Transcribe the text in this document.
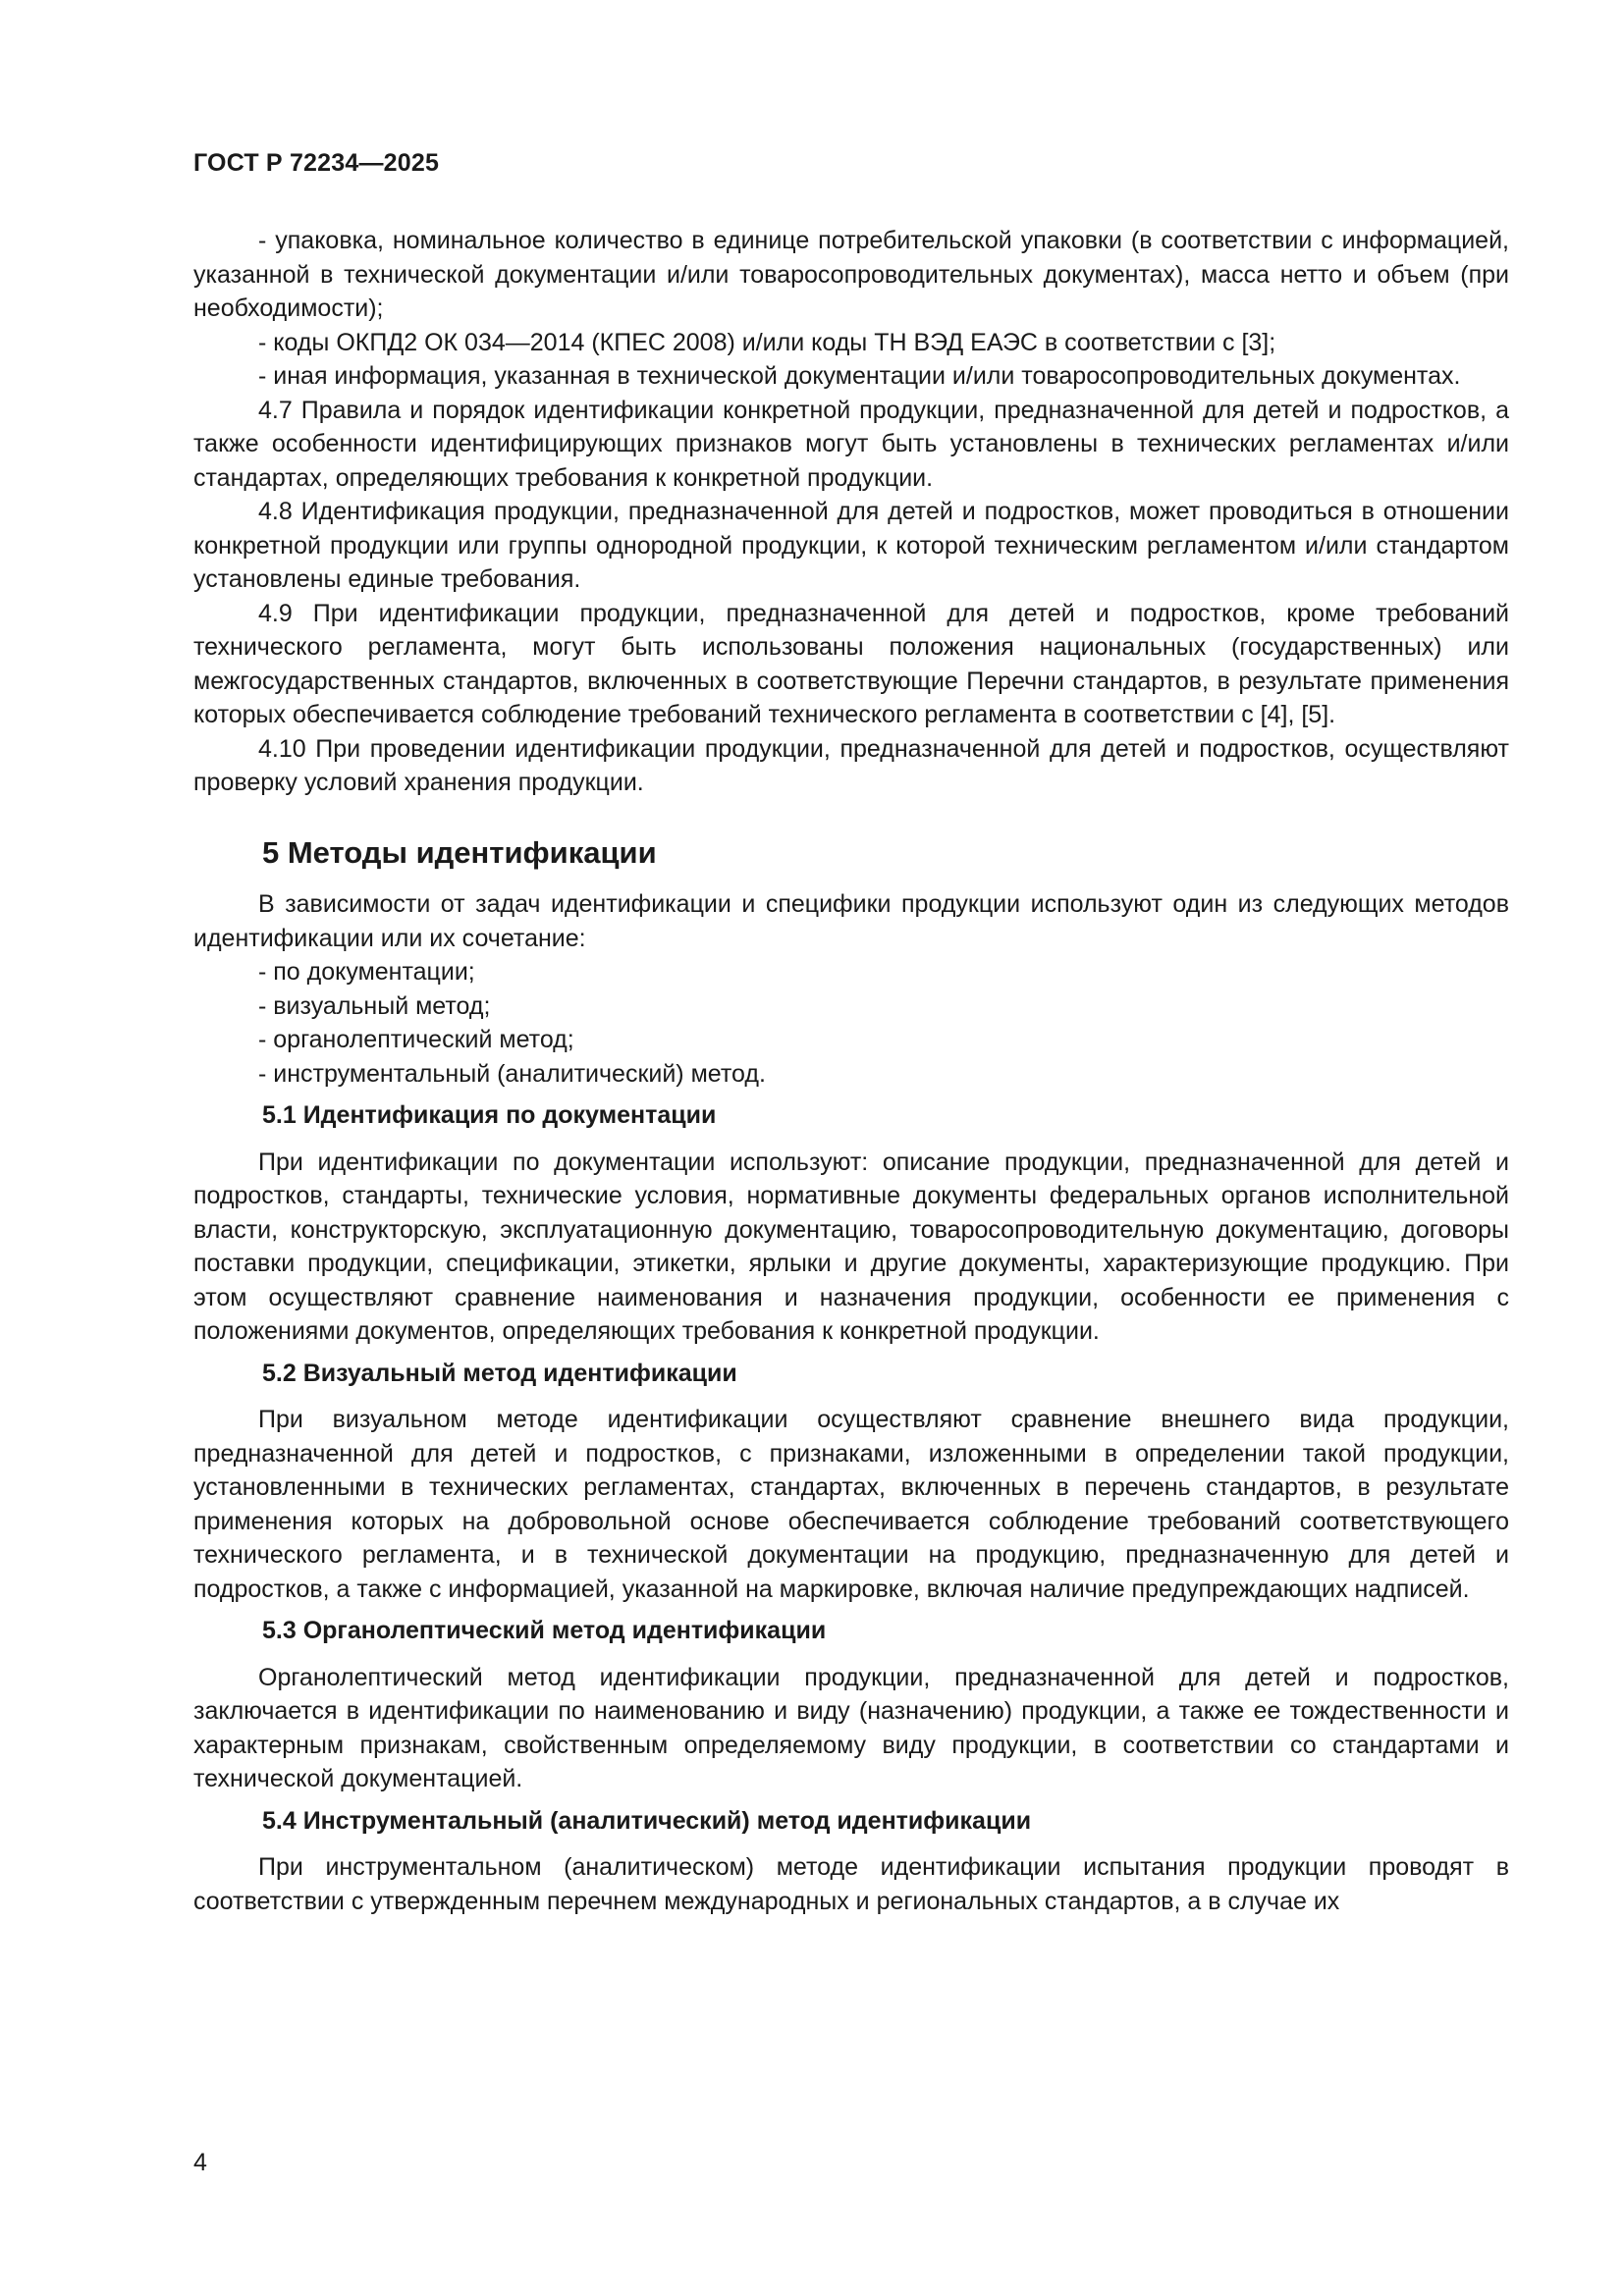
ГОСТ Р 72234—2025

- упаковка, номинальное количество в единице потребительской упаковки (в соответствии с информацией, указанной в технической документации и/или товаросопроводительных документах), масса нетто и объем (при необходимости);

- коды ОКПД2 ОК 034—2014 (КПЕС 2008) и/или коды ТН ВЭД ЕАЭС в соответствии с [3];

- иная информация, указанная в технической документации и/или товаросопроводительных документах.

4.7 Правила и порядок идентификации конкретной продукции, предназначенной для детей и подростков, а также особенности идентифицирующих признаков могут быть установлены в технических регламентах и/или стандартах, определяющих требования к конкретной продукции.

4.8 Идентификация продукции, предназначенной для детей и подростков, может проводиться в отношении конкретной продукции или группы однородной продукции, к которой техническим регламентом и/или стандартом установлены единые требования.

4.9 При идентификации продукции, предназначенной для детей и подростков, кроме требований технического регламента, могут быть использованы положения национальных (государственных) или межгосударственных стандартов, включенных в соответствующие Перечни стандартов, в результате применения которых обеспечивается соблюдение требований технического регламента в соответствии с [4], [5].

4.10 При проведении идентификации продукции, предназначенной для детей и подростков, осуществляют проверку условий хранения продукции.

5 Методы идентификации

В зависимости от задач идентификации и специфики продукции используют один из следующих методов идентификации или их сочетание:

- по документации;

- визуальный метод;

- органолептический метод;

- инструментальный (аналитический) метод.

5.1 Идентификация по документации

При идентификации по документации используют: описание продукции, предназначенной для детей и подростков, стандарты, технические условия, нормативные документы федеральных органов исполнительной власти, конструкторскую, эксплуатационную документацию, товаросопроводительную документацию, договоры поставки продукции, спецификации, этикетки, ярлыки и другие документы, характеризующие продукцию. При этом осуществляют сравнение наименования и назначения продукции, особенности ее применения с положениями документов, определяющих требования к конкретной продукции.

5.2 Визуальный метод идентификации

При визуальном методе идентификации осуществляют сравнение внешнего вида продукции, предназначенной для детей и подростков, с признаками, изложенными в определении такой продукции, установленными в технических регламентах, стандартах, включенных в перечень стандартов, в результате применения которых на добровольной основе обеспечивается соблюдение требований соответствующего технического регламента, и в технической документации на продукцию, предназначенную для детей и подростков, а также с информацией, указанной на маркировке, включая наличие предупреждающих надписей.

5.3 Органолептический метод идентификации

Органолептический метод идентификации продукции, предназначенной для детей и подростков, заключается в идентификации по наименованию и виду (назначению) продукции, а также ее тождественности и характерным признакам, свойственным определяемому виду продукции, в соответствии со стандартами и технической документацией.

5.4 Инструментальный (аналитический) метод идентификации

При инструментальном (аналитическом) методе идентификации испытания продукции проводят в соответствии с утвержденным перечнем международных и региональных стандартов, а в случае их

4
